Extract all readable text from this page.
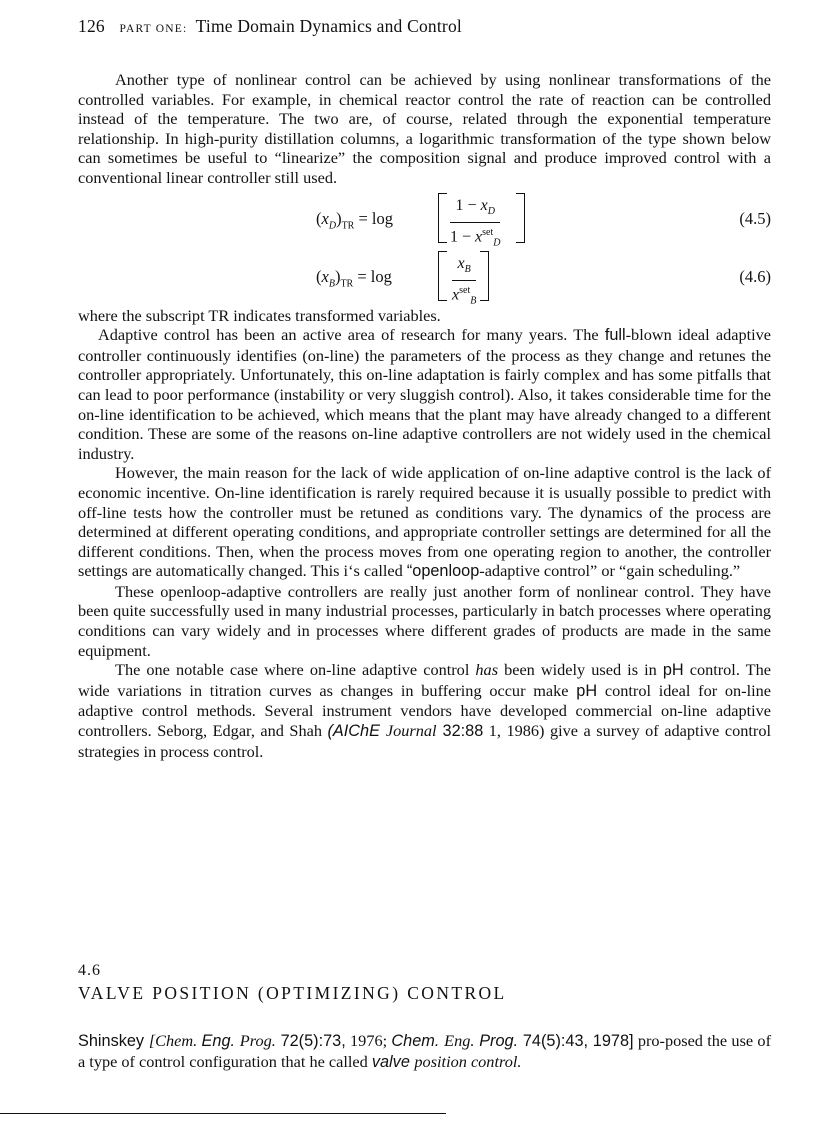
126 PART ONE: Time Domain Dynamics and Control

Another type of nonlinear control can be achieved by using nonlinear transformations of the controlled variables. For example, in chemical reactor control the rate of reaction can be controlled instead of the temperature. The two are, of course, related through the exponential temperature relationship. In high-purity distillation columns, a logarithmic transformation of the type shown below can sometimes be useful to “linearize” the composition signal and produce improved control with a conventional linear controller still used.

$(x_D)_{TR} = \log$
$1 - x_D$
$1 - x^{set}_D$
(4.5)
$(x_B)_{TR} = \log$
$x_B$
$x^{set}_B$
(4.6)

where the subscript TR indicates transformed variables.

Adaptive control has been an active area of research for many years. The full-blown ideal adaptive controller continuously identifies (on-line) the parameters of the process as they change and retunes the controller appropriately. Unfortunately, this on-line adaptation is fairly complex and has some pitfalls that can lead to poor performance (instability or very sluggish control). Also, it takes considerable time for the on-line identification to be achieved, which means that the plant may have already changed to a different condition. These are some of the reasons on-line adaptive controllers are not widely used in the chemical industry.

However, the main reason for the lack of wide application of on-line adaptive control is the lack of economic incentive. On-line identification is rarely required because it is usually possible to predict with off-line tests how the controller must be retuned as conditions vary. The dynamics of the process are determined at different operating conditions, and appropriate controller settings are determined for all the different conditions. Then, when the process moves from one operating region to another, the controller settings are automatically changed. This i‘s called “openloop-adaptive control” or “gain scheduling.”

These openloop-adaptive controllers are really just another form of nonlinear control. They have been quite successfully used in many industrial processes, particularly in batch processes where operating conditions can vary widely and in processes where different grades of products are made in the same equipment.

The one notable case where on-line adaptive control has been widely used is in pH control. The wide variations in titration curves as changes in buffering occur make pH control ideal for on-line adaptive control methods. Several instrument vendors have developed commercial on-line adaptive controllers. Seborg, Edgar, and Shah (AIChE Journal 32:88 1, 1986) give a survey of adaptive control strategies in process control.

4.6
VALVE POSITION (OPTIMIZING) CONTROL

Shinskey [Chem. Eng. Prog. 72(5):73, 1976; Chem. Eng. Prog. 74(5):43, 1978] pro-posed the use of a type of control configuration that he called valve position control.
